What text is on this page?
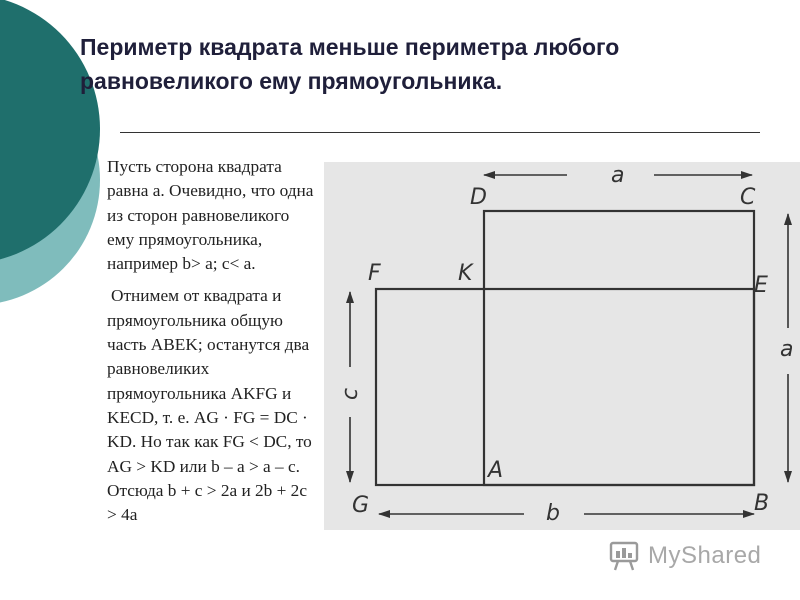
Периметр квадрата меньше периметра любого равновеликого ему прямоугольника.

Пусть сторона квадрата равна а. Очевидно, что одна из сторон равновеликого ему прямоугольника, например b> a; c< a.

Отнимем от квадрата и прямоугольника общую часть ABEK; останутся два равновеликих прямоугольника AKFG и KECD, т. е. AG · FG = DC · KD. Но так как FG < DC, то AG > KD или b – a > a – c. Отсюда b + c > 2a и 2b + 2c > 4a

D	C
F	K	E
A
G	B
a
a
b
c
MyShared
